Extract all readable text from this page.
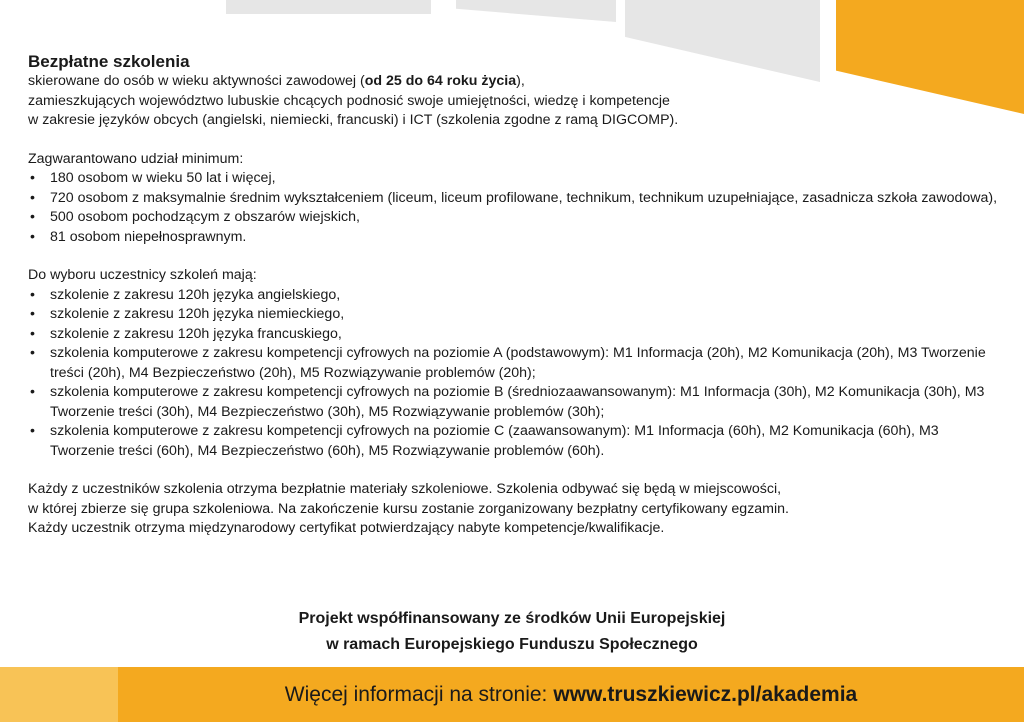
Bezpłatne szkolenia

skierowane do osób w wieku aktywności zawodowej (od 25 do 64 roku życia),

zamieszkujących województwo lubuskie chcących podnosić swoje umiejętności, wiedzę i kompetencje

w zakresie języków obcych (angielski, niemiecki, francuski) i ICT (szkolenia zgodne z ramą DIGCOMP).

Zagwarantowano udział minimum:

• 180 osobom w wieku 50 lat i więcej,
• 720 osobom z maksymalnie średnim wykształceniem (liceum, liceum profilowane, technikum, technikum uzupełniające, zasadnicza szkoła zawodowa),
• 500 osobom pochodzącym z obszarów wiejskich,
• 81 osobom niepełnosprawnym.

Do wyboru uczestnicy szkoleń mają:

• szkolenie z zakresu 120h języka angielskiego,
• szkolenie z zakresu 120h języka niemieckiego,
• szkolenie z zakresu 120h języka francuskiego,
• szkolenia komputerowe z zakresu kompetencji cyfrowych na poziomie A (podstawowym): M1 Informacja (20h), M2 Komunikacja (20h), M3 Tworzenie treści (20h), M4 Bezpieczeństwo (20h), M5 Rozwiązywanie problemów (20h);
• szkolenia komputerowe z zakresu kompetencji cyfrowych na poziomie B (średniozaawansowanym): M1 Informacja (30h), M2 Komunikacja (30h), M3 Tworzenie treści (30h), M4 Bezpieczeństwo (30h), M5 Rozwiązywanie problemów (30h);
• szkolenia komputerowe z zakresu kompetencji cyfrowych na poziomie C (zaawansowanym): M1 Informacja (60h), M2 Komunikacja (60h), M3 Tworzenie treści (60h), M4 Bezpieczeństwo (60h), M5 Rozwiązywanie problemów (60h).

Każdy z uczestników szkolenia otrzyma bezpłatnie materiały szkoleniowe. Szkolenia odbywać się będą w miejscowości,

w której zbierze się grupa szkoleniowa. Na zakończenie kursu zostanie zorganizowany bezpłatny certyfikowany egzamin.

Każdy uczestnik otrzyma międzynarodowy certyfikat potwierdzający nabyte kompetencje/kwalifikacje.

Projekt współfinansowany ze środków Unii Europejskiej
w ramach Europejskiego Funduszu Społecznego
Więcej informacji na stronie: www.truszkiewicz.pl/akademia
